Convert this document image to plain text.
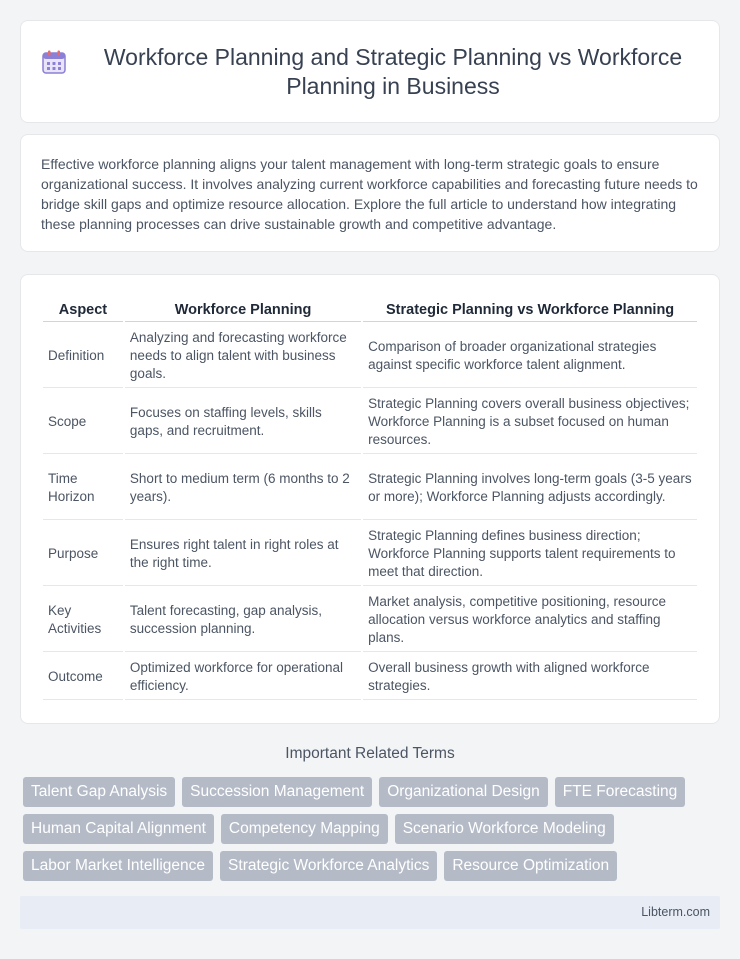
Workforce Planning and Strategic Planning vs Workforce Planning in Business

Effective workforce planning aligns your talent management with long-term strategic goals to ensure organizational success. It involves analyzing current workforce capabilities and forecasting future needs to bridge skill gaps and optimize resource allocation. Explore the full article to understand how integrating these planning processes can drive sustainable growth and competitive advantage.

Aspect	Workforce Planning	Strategic Planning vs Workforce Planning
Definition	Analyzing and forecasting workforce needs to align talent with business goals.	Comparison of broader organizational strategies against specific workforce talent alignment.
Scope	Focuses on staffing levels, skills gaps, and recruitment.	Strategic Planning covers overall business objectives; Workforce Planning is a subset focused on human resources.
Time Horizon	Short to medium term (6 months to 2 years).	Strategic Planning involves long-term goals (3-5 years or more); Workforce Planning adjusts accordingly.
Purpose	Ensures right talent in right roles at the right time.	Strategic Planning defines business direction; Workforce Planning supports talent requirements to meet that direction.
Key Activities	Talent forecasting, gap analysis, succession planning.	Market analysis, competitive positioning, resource allocation versus workforce analytics and staffing plans.
Outcome	Optimized workforce for operational efficiency.	Overall business growth with aligned workforce strategies.
Important Related Terms
Talent Gap Analysis	Succession Management	Organizational Design	FTE Forecasting
Human Capital Alignment	Competency Mapping	Scenario Workforce Modeling
Labor Market Intelligence	Strategic Workforce Analytics	Resource Optimization
Libterm.com
